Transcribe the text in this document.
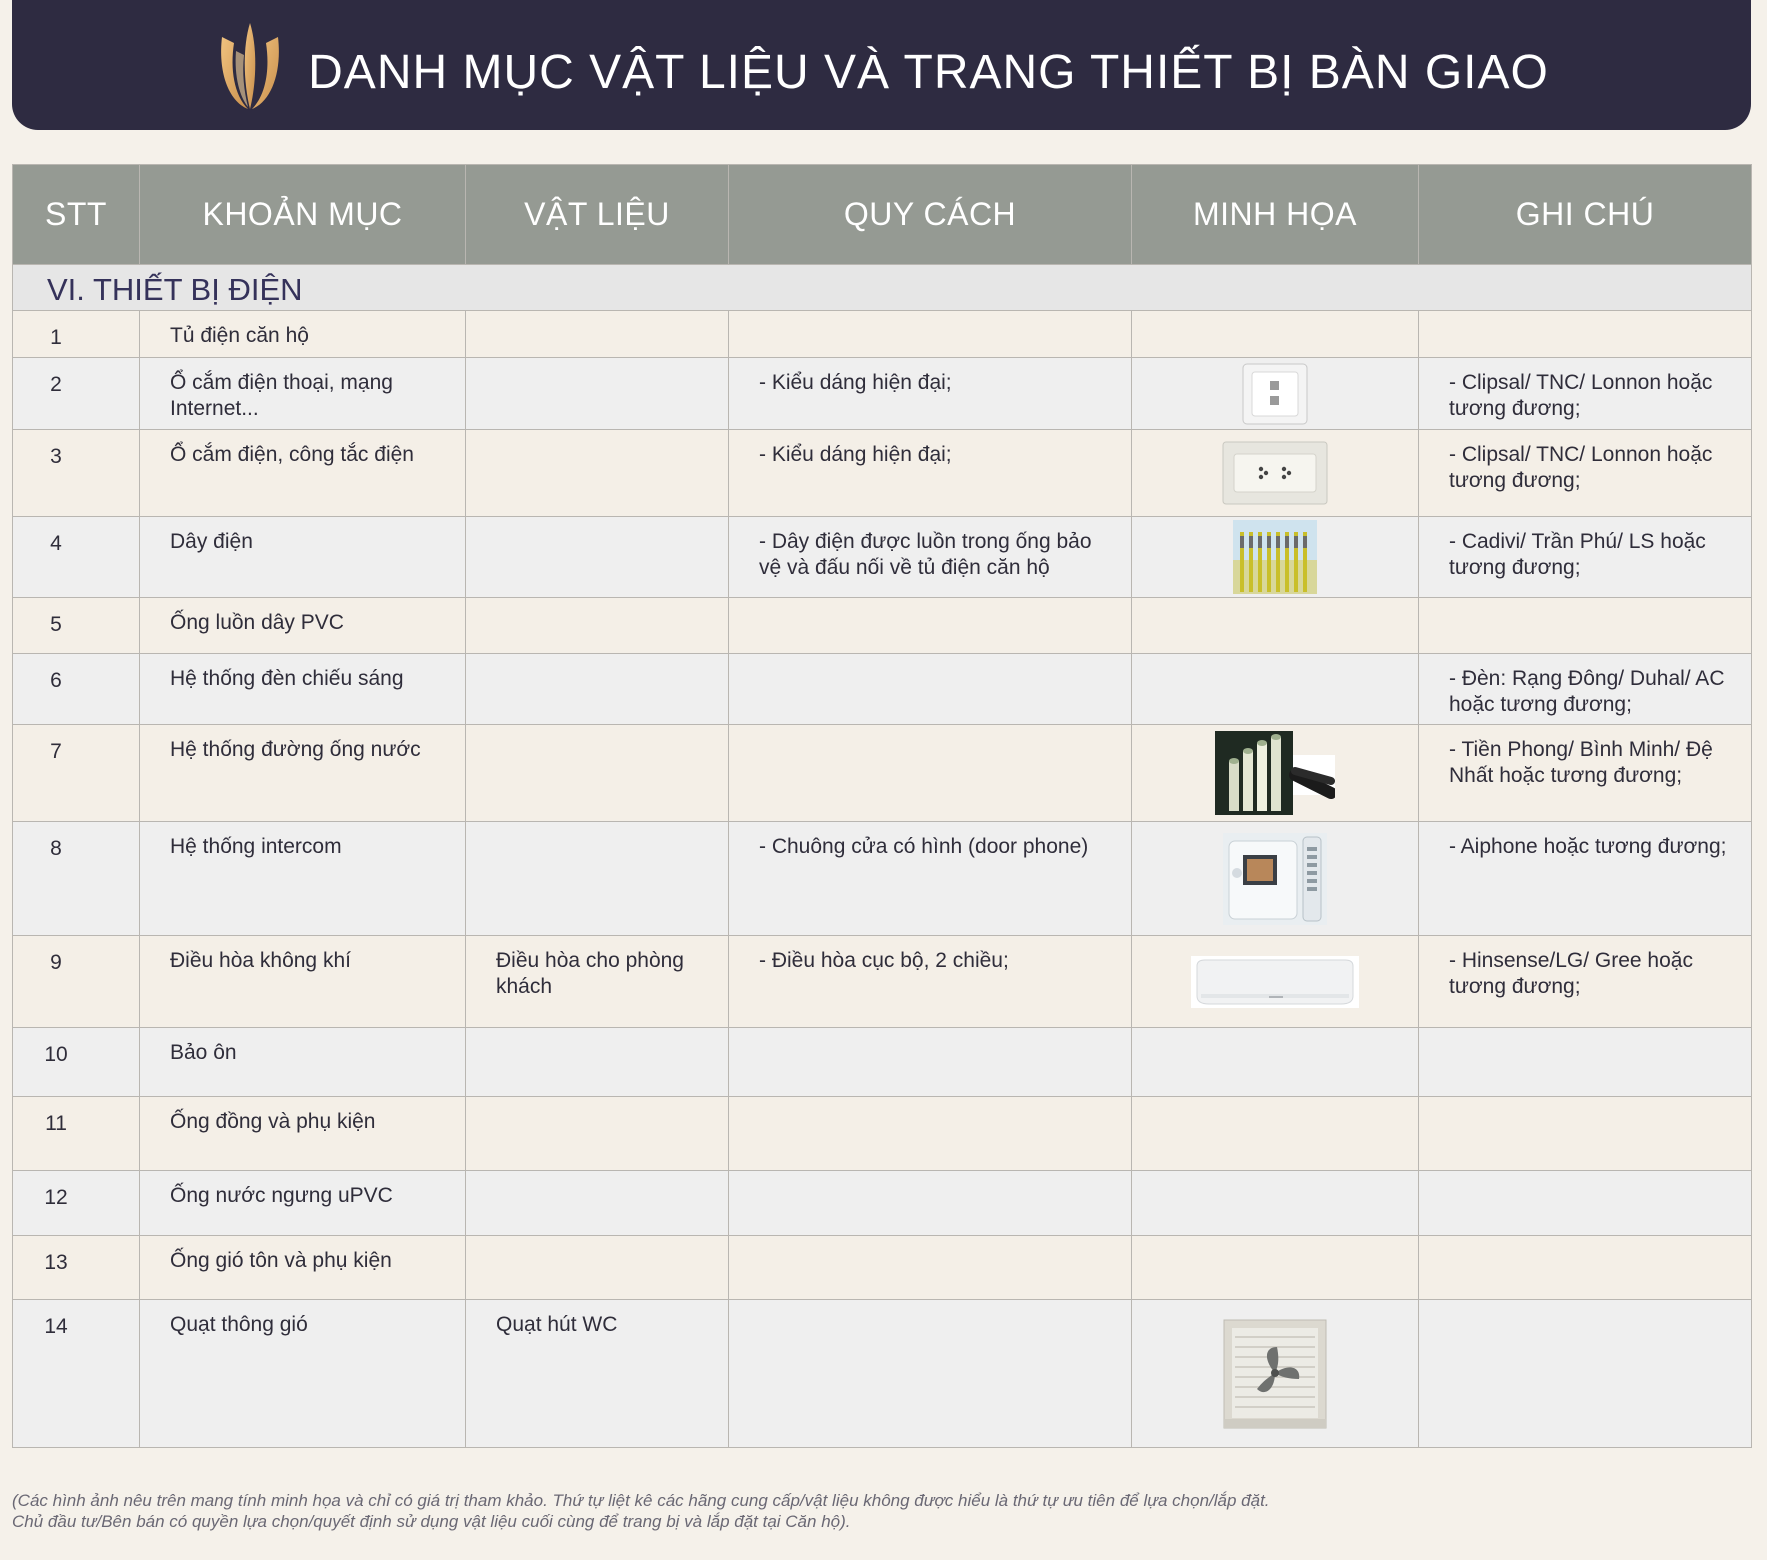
DANH MỤC VẬT LIỆU VÀ TRANG THIẾT BỊ BÀN GIAO
STT	KHOẢN MỤC	VẬT LIỆU	QUY CÁCH	MINH HỌA	GHI CHÚ
VI. THIẾT BỊ ĐIỆN					
1	Tủ điện căn hộ				
2	Ổ cắm điện thoại, mạng Internet...		- Kiểu dáng hiện đại;		- Clipsal/ TNC/ Lonnon hoặc tương đương;
3	Ổ cắm điện, công tắc điện		- Kiểu dáng hiện đại;		- Clipsal/ TNC/ Lonnon hoặc tương đương;
4	Dây điện		- Dây điện được luồn trong ống bảo vệ và đấu nối về tủ điện căn hộ		- Cadivi/ Trần Phú/ LS hoặc tương đương;
5	Ống luồn dây PVC				
6	Hệ thống đèn chiếu sáng				- Đèn: Rạng Đông/ Duhal/ AC hoặc tương đương;
7	Hệ thống đường ống nước				- Tiền Phong/ Bình Minh/ Đệ Nhất hoặc tương đương;
8	Hệ thống intercom		- Chuông cửa có hình (door phone)		- Aiphone hoặc tương đương;
9	Điều hòa không khí	Điều hòa cho phòng khách	- Điều hòa cục bộ, 2 chiều;		- Hinsense/LG/ Gree hoặc tương đương;
10	Bảo ôn				
11	Ống đồng và phụ kiện				
12	Ống nước ngưng uPVC				
13	Ống gió tôn và phụ kiện				
14	Quạt thông gió	Quạt hút WC			
(Các hình ảnh nêu trên mang tính minh họa và chỉ có giá trị tham khảo. Thứ tự liệt kê các hãng cung cấp/vật liệu không được hiểu là thứ tự ưu tiên để lựa chọn/lắp đặt.
Chủ đầu tư/Bên bán có quyền lựa chọn/quyết định sử dụng vật liệu cuối cùng để trang bị và lắp đặt tại Căn hộ).
